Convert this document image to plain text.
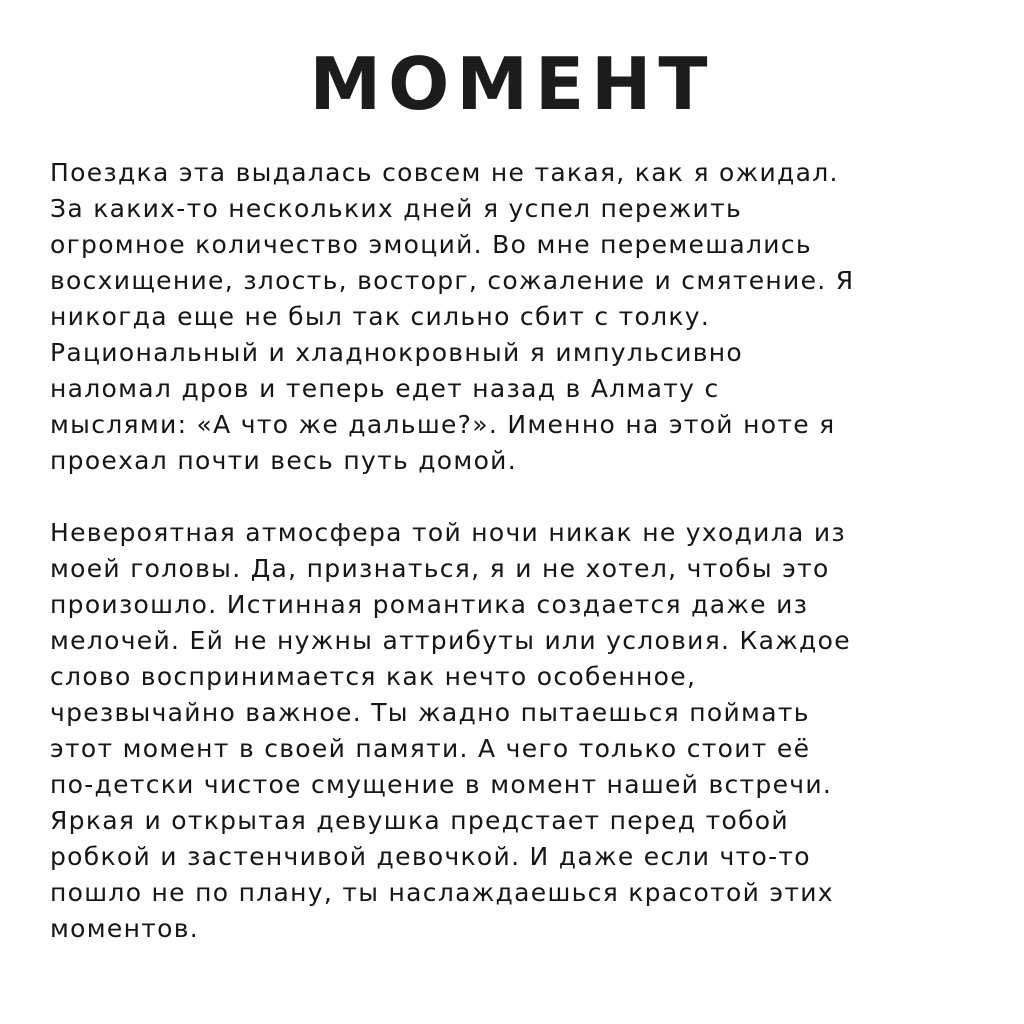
МОМЕНТ

Поездка эта выдалась совсем не такая, как я ожидал.
За каких-то нескольких дней я успел пережить
огромное количество эмоций. Во мне перемешались
восхищение, злость, восторг, сожаление и смятение. Я
никогда еще не был так сильно сбит с толку.
Рациональный и хладнокровный я импульсивно
наломал дров и теперь едет назад в Алмату с
мыслями: «А что же дальше?». Именно на этой ноте я
проехал почти весь путь домой.

Невероятная атмосфера той ночи никак не уходила из
моей головы. Да, признаться, я и не хотел, чтобы это
произошло. Истинная романтика создается даже из
мелочей. Ей не нужны аттрибуты или условия. Каждое
слово воспринимается как нечто особенное,
чрезвычайно важное. Ты жадно пытаешься поймать
этот момент в своей памяти. А чего только стоит её
по-детски чистое смущение в момент нашей встречи.
Яркая и открытая девушка предстает перед тобой
робкой и застенчивой девочкой. И даже если что-то
пошло не по плану, ты наслаждаешься красотой этих
моментов.
